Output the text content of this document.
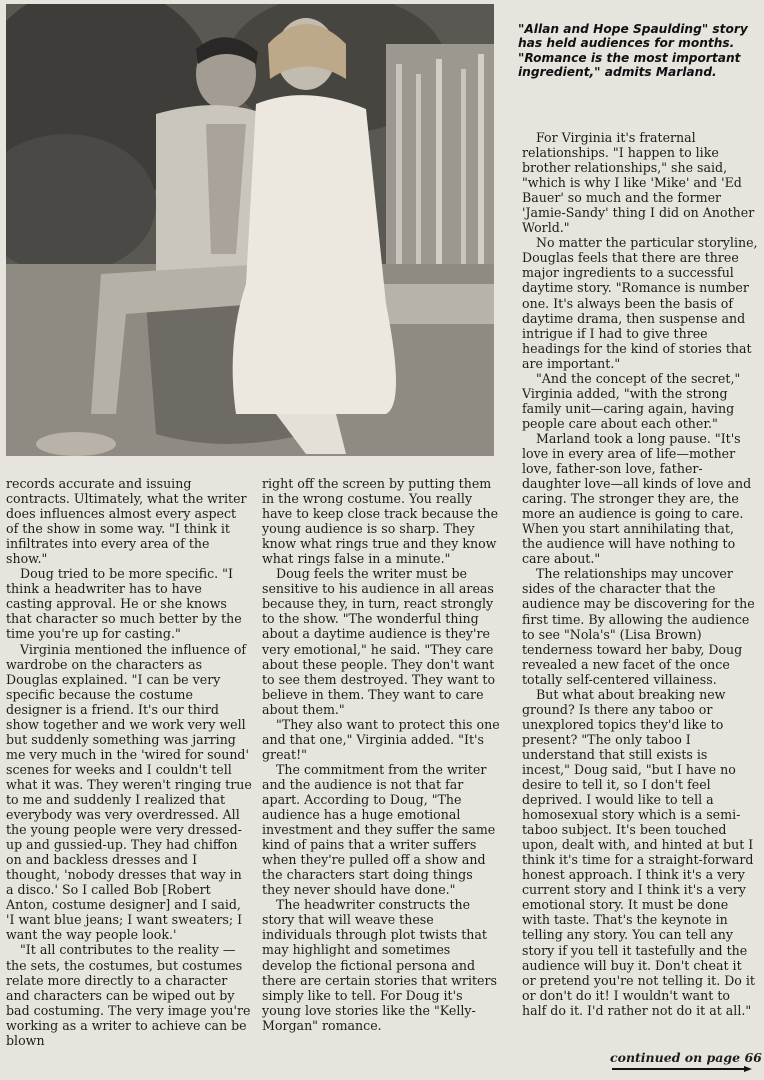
"Allan and Hope Spaulding" story has held audiences for months. "Romance is the most important ingredient," admits Marland.

records accurate and issuing contracts. Ultimately, what the writer does influences almost every aspect of the show in some way. "I think it infiltrates into every area of the show."

Doug tried to be more specific. "I think a headwriter has to have casting approval. He or she knows that character so much better by the time you're up for casting."

Virginia mentioned the influence of wardrobe on the characters as Douglas explained. "I can be very specific because the costume designer is a friend. It's our third show together and we work very well but suddenly something was jarring me very much in the 'wired for sound' scenes for weeks and I couldn't tell what it was. They weren't ringing true to me and suddenly I realized that everybody was very overdressed. All the young people were very dressed-up and gussied-up. They had chiffon on and backless dresses and I thought, 'nobody dresses that way in a disco.' So I called Bob [Robert Anton, costume designer] and I said, 'I want blue jeans; I want sweaters; I want the way people look.'

"It all contributes to the reality —the sets, the costumes, but costumes relate more directly to a character and characters can be wiped out by bad costuming. The very image you're working as a writer to achieve can be blown

right off the screen by putting them in the wrong costume. You really have to keep close track because the young audience is so sharp. They know what rings true and they know what rings false in a minute."

Doug feels the writer must be sensitive to his audience in all areas because they, in turn, react strongly to the show. "The wonderful thing about a daytime audience is they're very emotional," he said. "They care about these people. They don't want to see them destroyed. They want to believe in them. They want to care about them."

"They also want to protect this one and that one," Virginia added. "It's great!"

The commitment from the writer and the audience is not that far apart. According to Doug, "The audience has a huge emotional investment and they suffer the same kind of pains that a writer suffers when they're pulled off a show and the characters start doing things they never should have done."

The headwriter constructs the story that will weave these individuals through plot twists that may highlight and sometimes develop the fictional persona and there are certain stories that writers simply like to tell. For Doug it's young love stories like the "Kelly-Morgan" romance.

For Virginia it's fraternal relationships. "I happen to like brother relationships," she said, "which is why I like 'Mike' and 'Ed Bauer' so much and the former 'Jamie-Sandy' thing I did on Another World."

No matter the particular storyline, Douglas feels that there are three major ingredients to a successful daytime story. "Romance is number one. It's always been the basis of daytime drama, then suspense and intrigue if I had to give three headings for the kind of stories that are important."

"And the concept of the secret," Virginia added, "with the strong family unit—caring again, having people care about each other."

Marland took a long pause. "It's love in every area of life—mother love, father-son love, father-daughter love—all kinds of love and caring. The stronger they are, the more an audience is going to care. When you start annihilating that, the audience will have nothing to care about."

The relationships may uncover sides of the character that the audience may be discovering for the first time. By allowing the audience to see "Nola's" (Lisa Brown) tenderness toward her baby, Doug revealed a new facet of the once totally self-centered villainess.

But what about breaking new ground? Is there any taboo or unexplored topics they'd like to present? "The only taboo I understand that still exists is incest," Doug said, "but I have no desire to tell it, so I don't feel deprived. I would like to tell a homosexual story which is a semi-taboo subject. It's been touched upon, dealt with, and hinted at but I think it's time for a straight-forward honest approach. I think it's a very current story and I think it's a very emotional story. It must be done with taste. That's the keynote in telling any story. You can tell any story if you tell it tastefully and the audience will buy it. Don't cheat it or pretend you're not telling it. Do it or don't do it! I wouldn't want to half do it. I'd rather not do it at all."

continued on page 66
